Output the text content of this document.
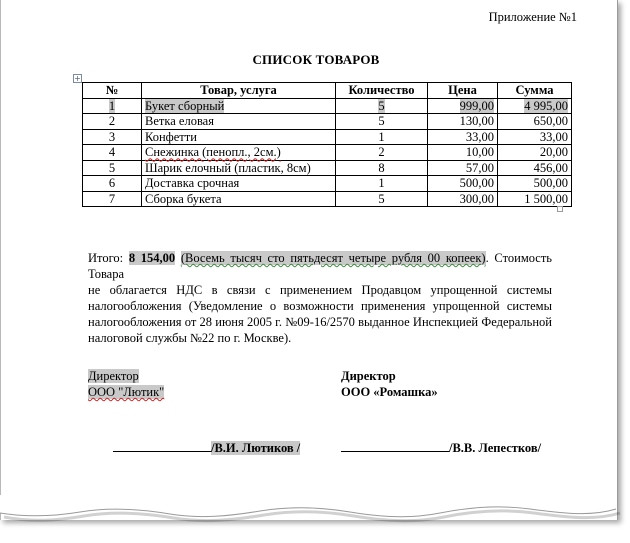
Приложение №1
СПИСОК ТОВАРОВ
+
№	Товар, услуга	Количество	Цена	Сумма
1	Букет сборный	5	999,00	4 995,00
2	Ветка еловая	5	130,00	650,00
3	Конфетти	1	33,00	33,00
4	Снежинка (пенопл., 2см.)	2	10,00	20,00
5	Шарик елочный (пластик, 8см)	8	57,00	456,00
6	Доставка срочная	1	500,00	500,00
7	Сборка букета	5	300,00	1 500,00
Итого: 8 154,00 (Восемь тысяч сто пятьдесят четыре рубля 00 копеек). Стоимость Товара
не облагается НДС в связи с применением Продавцом упрощенной системы
налогообложения (Уведомление о возможности применения упрощенной системы
налогообложения от 28 июня 2005 г. №09-16/2570 выданное Инспекцией Федеральной
налоговой службы №22 по г. Москве).
Директор
ООО "Лютик"
Директор
ООО «Ромашка»
/В.И. Лютиков /	/В.В. Лепестков/
